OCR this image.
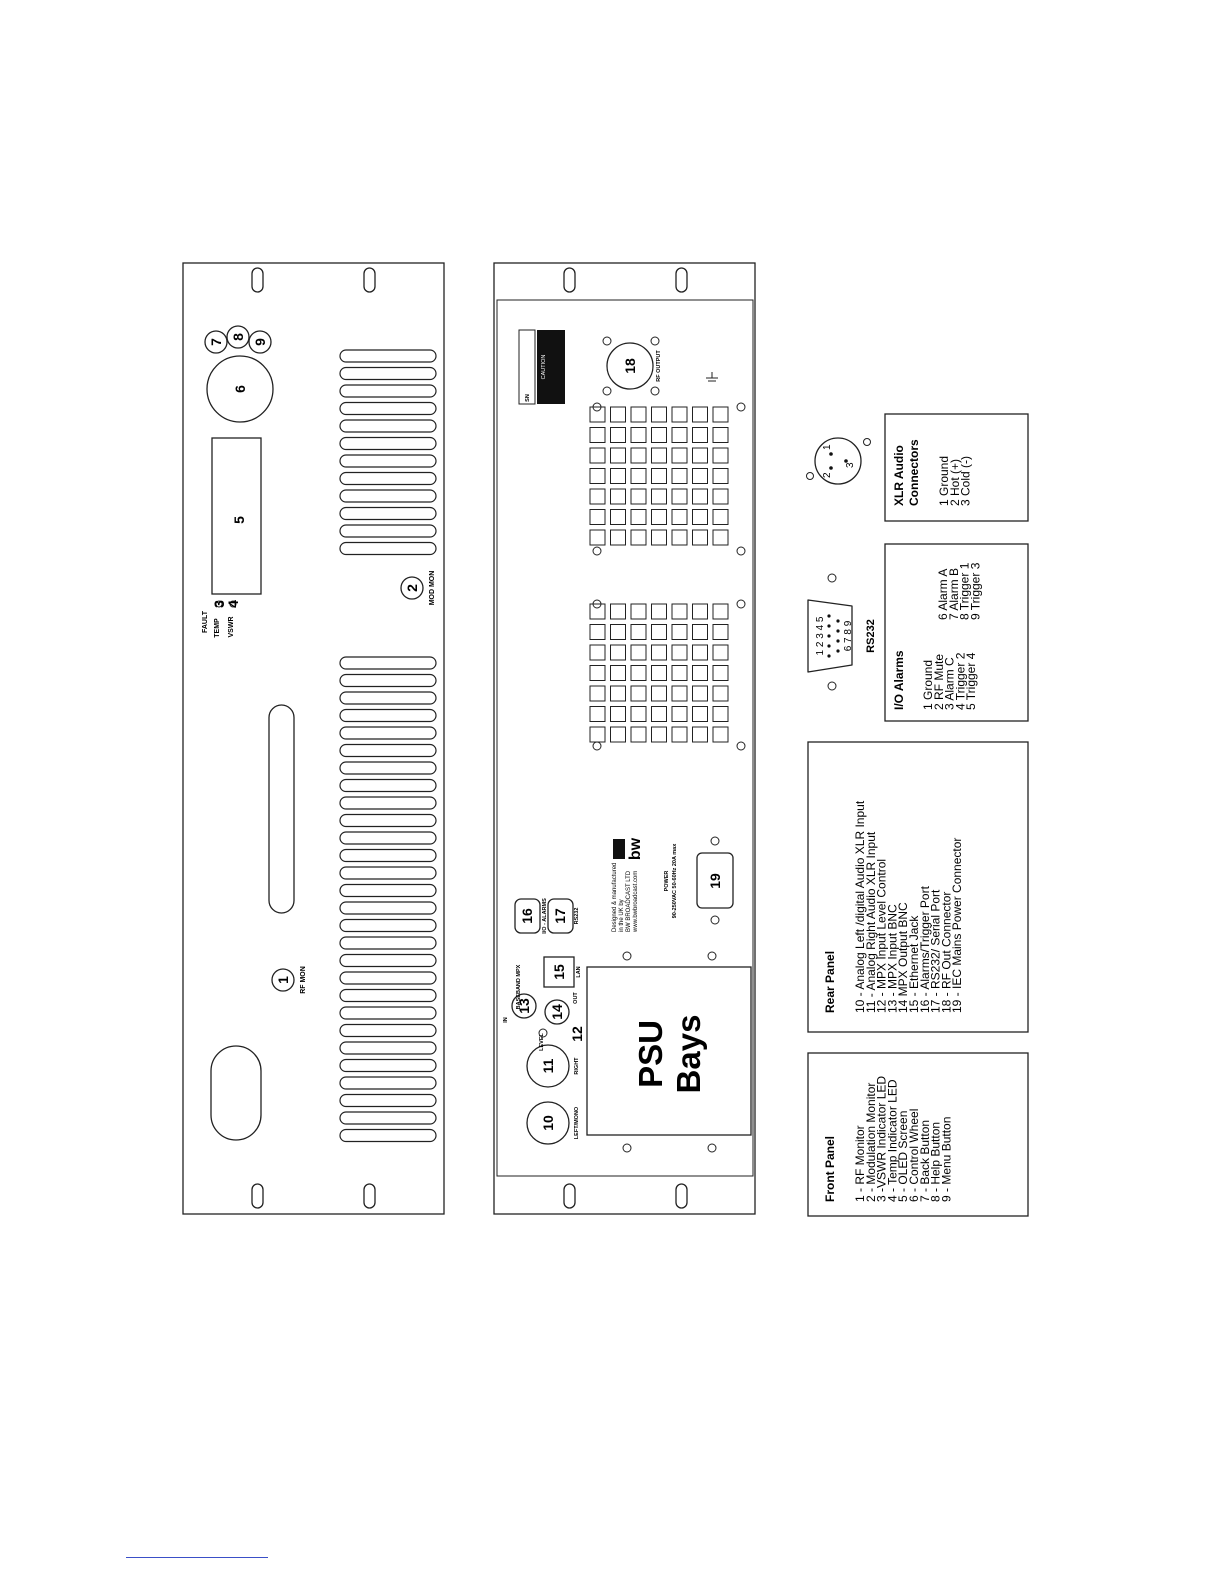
1
2
3
4
5
6
7
8
9
RF MON
MOD MON
FAULT TEMP VSWR
10
11
12
13 14
15
16 17
18
19
PSU Bays
LEFT/MONO
RIGHT
LEVEL
IN
OUT
BASEBAND MPX	LAN
I/O - ALARMS	RS232
POWER 90-250VAC 50-60Hz 20A max
RF OUTPUT
SN
CAUTION
Designed & manufactured in the UK by BW BROADCAST LTD www.bwbroadcast.com
bw
Front Panel 1 - RF Monitor
2 - Modulation Monitor
3 -VSWR Indicator LED
4 - Temp Indicator LED
5 - OLED Screen
6 - Control Wheel
7 - Back Button
8 - Help Button
9 - Menu Button
Rear Panel 10 - Analog Left /digital Audio XLR Input
11 - Analog Right Audio XLR Input
12 - MPX Input Level Control
13 - MPX Input BNC
14 MPX Output BNC
15 - Ethernet Jack
16 - Alarms/Trigger Port
17 - RS232/ Serial Port
18 - RF Out Connector
19 - IEC Mains Power Connector
I/O Alarms 1 Ground
2 RF Mute
3 Alarm C
4 Trigger 2
5 Trigger 4
6 Alarm A
7 Alarm B
8 Trigger 1
9 Trigger 3
XLR Audio Connectors 1 Ground
2 Hot (+)
3 Cold (-)
1 2 3 4 5 6 7 8 9 RS232
1
2
3
